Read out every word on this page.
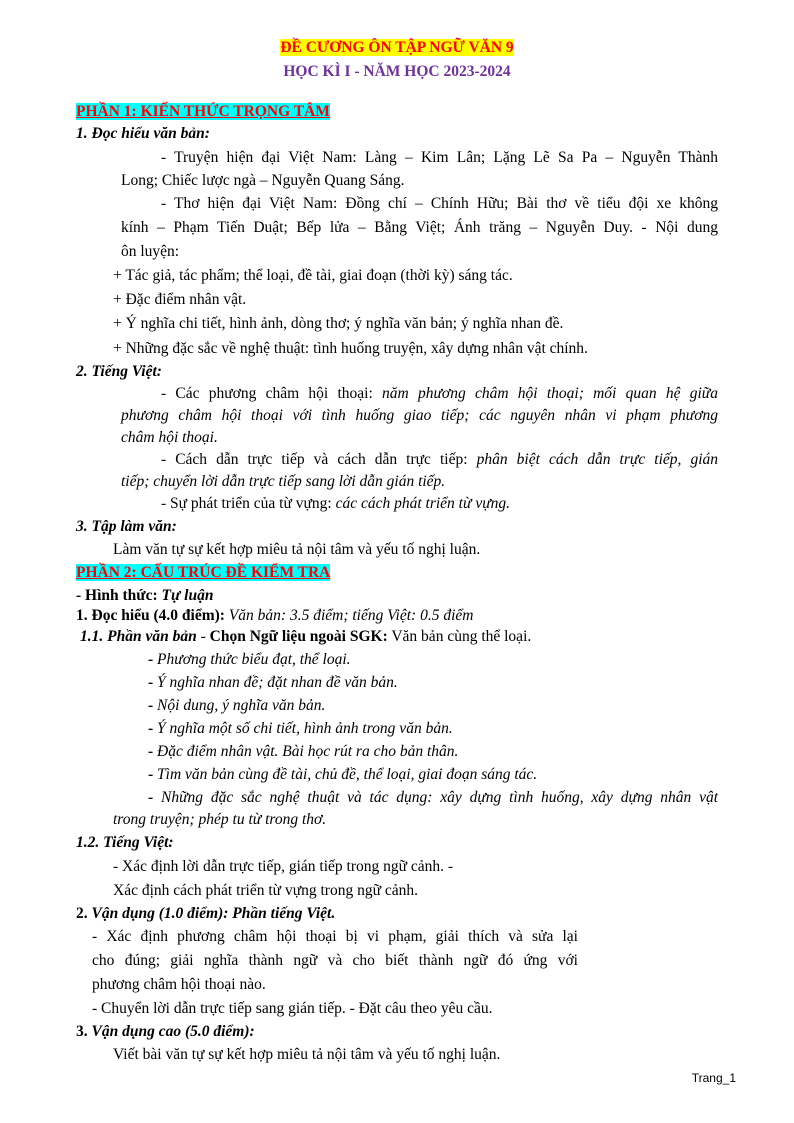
ĐỀ CƯƠNG ÔN TẬP NGỮ VĂN 9
HỌC KÌ I - NĂM HỌC 2023-2024
PHẦN 1: KIẾN THỨC TRỌNG TÂM
1. Đọc hiểu văn bản:
- Truyện hiện đại Việt Nam: Làng – Kim Lân; Lặng Lẽ Sa Pa – Nguyễn Thành
Long; Chiếc lược ngà – Nguyễn Quang Sáng.
- Thơ hiện đại Việt Nam: Đồng chí – Chính Hữu; Bài thơ về tiểu đội xe không
kính – Phạm Tiến Duật; Bếp lửa – Bằng Việt; Ánh trăng – Nguyễn Duy. - Nội dung
ôn luyện:
+ Tác giả, tác phẩm; thể loại, đề tài, giai đoạn (thời kỳ) sáng tác.
+ Đặc điểm nhân vật.
+ Ý nghĩa chi tiết, hình ảnh, dòng thơ; ý nghĩa văn bản; ý nghĩa nhan đề.
+ Những đặc sắc về nghệ thuật: tình huống truyện, xây dựng nhân vật chính.
2. Tiếng Việt:
- Các phương châm hội thoại: năm phương châm hội thoại; mối quan hệ giữa
phương châm hội thoại với tình huống giao tiếp; các nguyên nhân vi phạm phương
châm hội thoại.
- Cách dẫn trực tiếp và cách dẫn trực tiếp: phân biệt cách dẫn trực tiếp, gián
tiếp; chuyển lời dẫn trực tiếp sang lời dẫn gián tiếp.
- Sự phát triển của từ vựng: các cách phát triển từ vựng.
3. Tập làm văn:
Làm văn tự sự kết hợp miêu tả nội tâm và yếu tố nghị luận.
PHẦN 2: CẤU TRÚC ĐỀ KIỂM TRA
- Hình thức: Tự luận
1. Đọc hiểu (4.0 điểm): Văn bản: 3.5 điểm; tiếng Việt: 0.5 điểm
1.1. Phần văn bản - Chọn Ngữ liệu ngoài SGK: Văn bản cùng thể loại.
- Phương thức biểu đạt, thể loại.
- Ý nghĩa nhan đề; đặt nhan đề văn bản.
- Nội dung, ý nghĩa văn bản.
- Ý nghĩa một số chi tiết, hình ảnh trong văn bản.
- Đặc điểm nhân vật. Bài học rút ra cho bản thân.
- Tìm văn bản cùng đề tài, chủ đề, thể loại, giai đoạn sáng tác.
- Những đặc sắc nghệ thuật và tác dụng: xây dựng tình huống, xây dựng nhân vật
trong truyện; phép tu từ trong thơ.
1.2. Tiếng Việt:
- Xác định lời dẫn trực tiếp, gián tiếp trong ngữ cảnh. -
Xác định cách phát triển từ vựng trong ngữ cảnh.
2. Vận dụng (1.0 điểm): Phần tiếng Việt.
- Xác định phương châm hội thoại bị vi phạm, giải thích và sửa lại
cho đúng; giải nghĩa thành ngữ và cho biết thành ngữ đó ứng với
phương châm hội thoại nào.
- Chuyển lời dẫn trực tiếp sang gián tiếp. - Đặt câu theo yêu cầu.
3. Vận dụng cao (5.0 điểm):
Viết bài văn tự sự kết hợp miêu tả nội tâm và yếu tố nghị luận.
Trang_1
